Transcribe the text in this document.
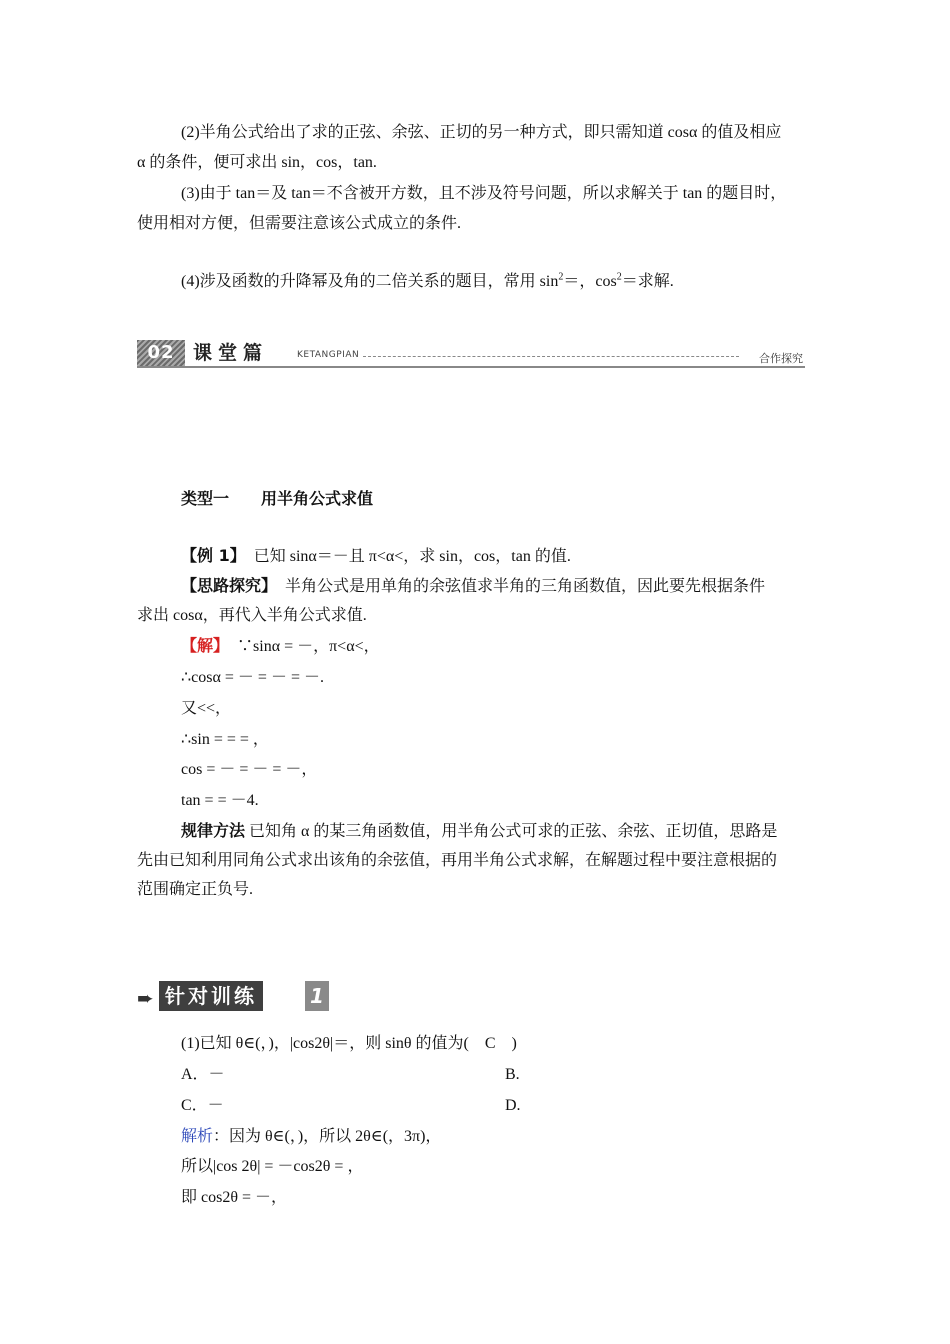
(2)半角公式给出了求的正弦、余弦、正切的另一种方式，即只需知道 cosα 的值及相应
α 的条件，便可求出 sin，cos，tan.
(3)由于 tan＝及 tan＝不含被开方数，且不涉及符号问题，所以求解关于 tan 的题目时，
使用相对方便，但需要注意该公式成立的条件.
(4)涉及函数的升降幂及角的二倍关系的题目，常用 $\sin^2=$，$\cos^2=$求解.
02 课堂篇	KETANGPIAN	合作探究
类型一　　用半角公式求值
【例 1】　已知 sinα＝－且 π<α<，求 sin，cos，tan 的值.
【思路探究】　半角公式是用单角的余弦值求半角的三角函数值，因此要先根据条件
求出 cosα，再代入半角公式求值.
【解】　∵sinα = －，π<α<，
∴cosα = － = － = －.
又<<，
∴sin = = = ，
cos = － = － = －，
tan = = －4.
规律方法 已知角 α 的某三角函数值，用半角公式可求的正弦、余弦、正切值，思路是
先由已知利用同角公式求出该角的余弦值，再用半角公式求解，在解题过程中要注意根据的
范围确定正负号.
➨ 针对训练	1
(1)已知 θ∈(，)，|cos2θ|＝，则 sinθ 的值为(　C　)
A．－	B.
C．－	D.
解析：因为 θ∈(，)，所以 2θ∈(，3π)，
所以|cos 2θ| = －cos2θ = ，
即 cos2θ = －，
